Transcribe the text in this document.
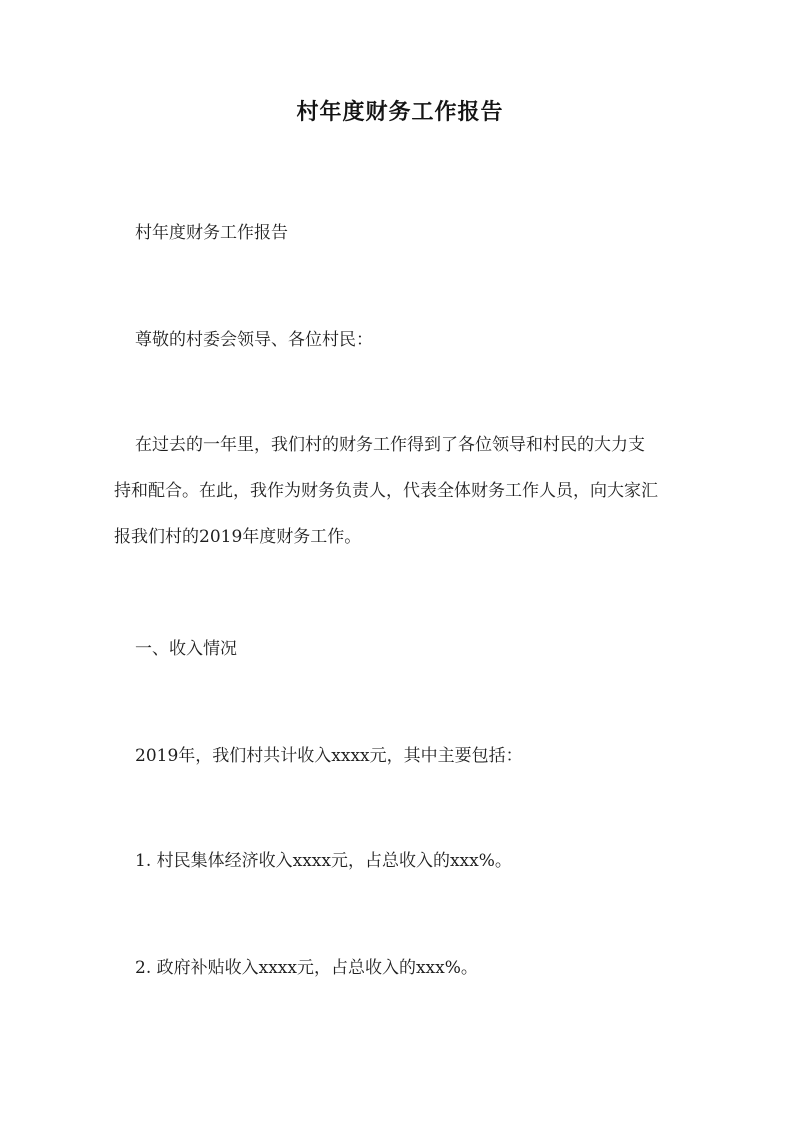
村年度财务工作报告
村年度财务工作报告
尊敬的村委会领导、各位村民：
在过去的一年里，我们村的财务工作得到了各位领导和村民的大力支
持和配合。在此，我作为财务负责人，代表全体财务工作人员，向大家汇
报我们村的2019年度财务工作。
一、收入情况
2019年，我们村共计收入xxxx元，其中主要包括：
1. 村民集体经济收入xxxx元，占总收入的xxx%。
2. 政府补贴收入xxxx元，占总收入的xxx%。
